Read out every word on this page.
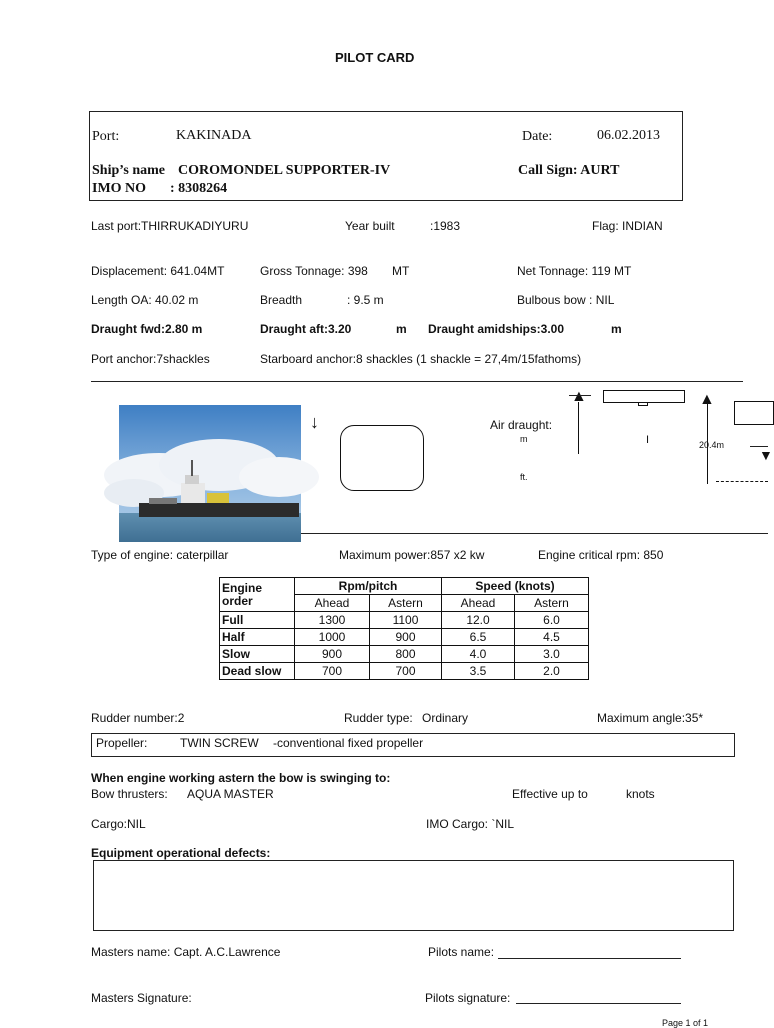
PILOT CARD
Port:	KAKINADA	Date:	06.02.2013
Ship’s name COROMONDEL SUPPORTER-IV	Call Sign: AURT
IMO NO : 8308264
Last port:THIRRUKADIYURU	Year built	:1983	Flag: INDIAN
Displacement: 641.04MT	Gross Tonnage: 398 MT	Net Tonnage: 119 MT
Length OA: 40.02 m	Breadth	: 9.5 m	Bulbous bow : NIL
Draught fwd:2.80 m	Draught aft:3.20	m Draught amidships:3.00	m
Port anchor:7shackles	Starboard anchor:8 shackles (1 shackle = 27,4m/15fathoms)
↓	Air draught:
m
ft.
▲
I
▲
20.4m
▼
Type of engine: caterpillar	Maximum power:857 x2 kw	Engine critical rpm: 850
Engine order	Rpm/pitch		Speed (knots)	
	Ahead	Astern	Ahead	Astern
Full	1300	1100	12.0	6.0
Half	1000	900	6.5	4.5
Slow	900	800	4.0	3.0
Dead slow	700	700	3.5	2.0
Rudder number:2	Rudder type: Ordinary	Maximum angle:35*
Propeller:	TWIN SCREW -conventional fixed propeller
When engine working astern the bow is swinging to:
Bow thrusters: AQUA MASTER	Effective up to	knots
Cargo:NIL	IMO Cargo: `NIL
Equipment operational defects:
Masters name: Capt. A.C.Lawrence	Pilots name:
Masters Signature:	Pilots signature:
Page 1 of 1
